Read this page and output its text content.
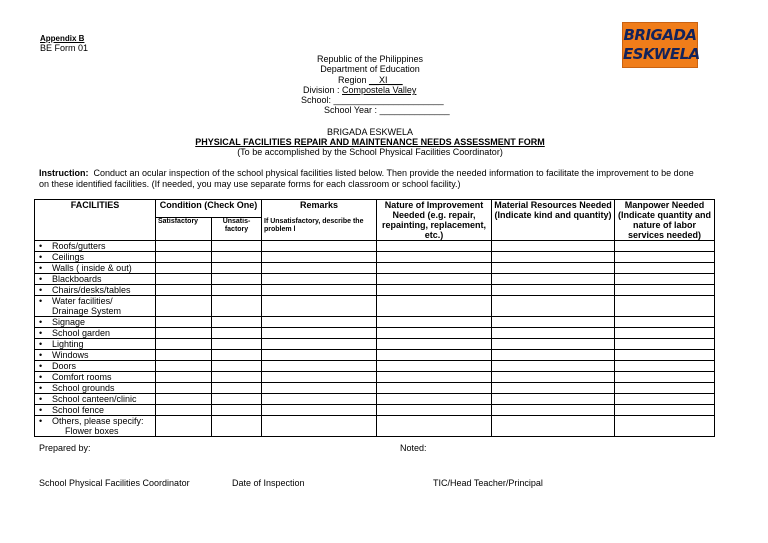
Appendix B
BE Form 01
BRIGADA
ESKWELA
Republic of the Philippines
Department of Education
Region __XI___
Division : Compostela Valley
School: ______________________
School Year : ______________
BRIGADA ESKWELA
PHYSICAL FACILITIES REPAIR AND MAINTENANCE NEEDS ASSESSMENT FORM
(To be accomplished by the School Physical Facilities Coordinator)
Instruction: Conduct an ocular inspection of the school physical facilities listed below. Then provide the needed information to facilitate the improvement to be done on these identified facilities. (If needed, you may use separate forms for each classroom or school facility.)
FACILITIES	Condition (Check One)		Remarks	Nature of Improvement Needed (e.g. repair, repainting, replacement, etc.)	Material Resources Needed (Indicate kind and quantity)	Manpower Needed (Indicate quantity and nature of labor services needed)
	Satisfactory	Unsatis-factory	If Unsatisfactory, describe the problem l			
• Roofs/gutters						
• Ceilings						
• Walls ( inside & out)						
• Blackboards						
• Chairs/desks/tables						
• Water facilities/
Drainage System						
• Signage						
• School garden						
• Lighting						
• Windows						
• Doors						
• Comfort rooms						
• School grounds						
• School canteen/clinic						
• School fence						
• Others, please specify:
Flower boxes						
Prepared by:	Noted:
School Physical Facilities Coordinator	Date of Inspection	TIC/Head Teacher/Principal
